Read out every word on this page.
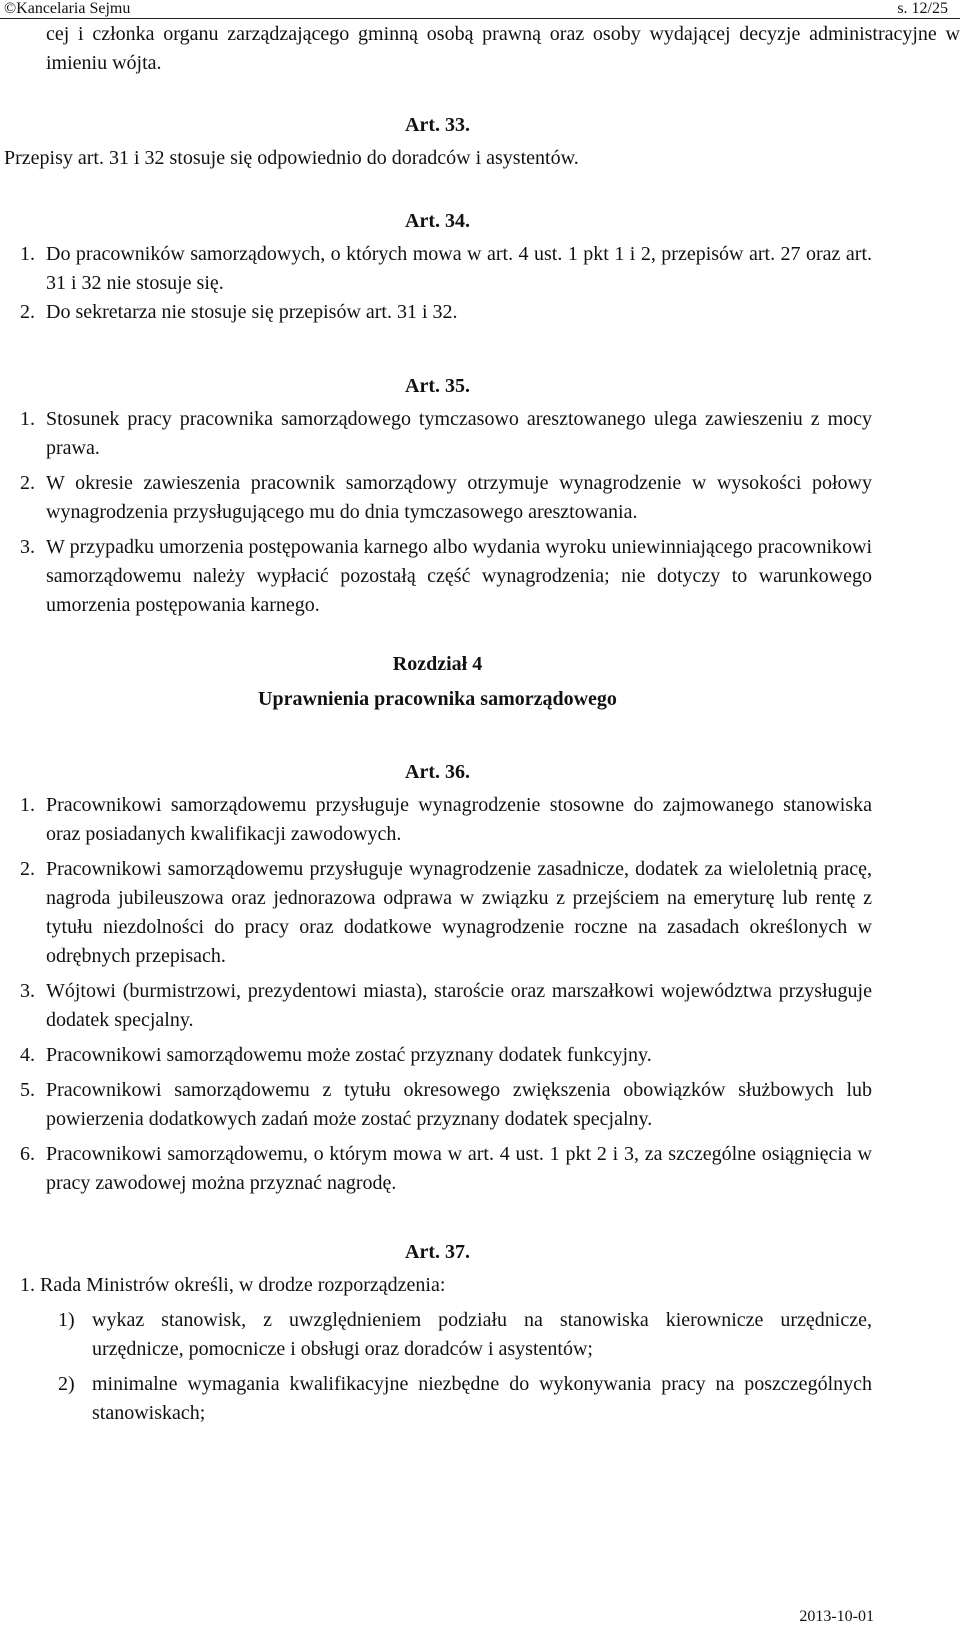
©Kancelaria Sejmu	s. 12/25

cej i członka organu zarządzającego gminną osobą prawną oraz osoby wydającej decyzje administracyjne w imieniu wójta.

Art. 33.

Przepisy art. 31 i 32 stosuje się odpowiednio do doradców i asystentów.

Art. 34.
1. Do pracowników samorządowych, o których mowa w art. 4 ust. 1 pkt 1 i 2, przepisów art. 27 oraz art. 31 i 32 nie stosuje się.
2. Do sekretarza nie stosuje się przepisów art. 31 i 32.
Art. 35.
1. Stosunek pracy pracownika samorządowego tymczasowo aresztowanego ulega zawieszeniu z mocy prawa.
2. W okresie zawieszenia pracownik samorządowy otrzymuje wynagrodzenie w wysokości połowy wynagrodzenia przysługującego mu do dnia tymczasowego aresztowania.
3. W przypadku umorzenia postępowania karnego albo wydania wyroku uniewinniającego pracownikowi samorządowemu należy wypłacić pozostałą część wynagrodzenia; nie dotyczy to warunkowego umorzenia postępowania karnego.
Rozdział 4
Uprawnienia pracownika samorządowego
Art. 36.
1. Pracownikowi samorządowemu przysługuje wynagrodzenie stosowne do zajmowanego stanowiska oraz posiadanych kwalifikacji zawodowych.
2. Pracownikowi samorządowemu przysługuje wynagrodzenie zasadnicze, dodatek za wieloletnią pracę, nagroda jubileuszowa oraz jednorazowa odprawa w związku z przejściem na emeryturę lub rentę z tytułu niezdolności do pracy oraz dodatkowe wynagrodzenie roczne na zasadach określonych w odrębnych przepisach.
3. Wójtowi (burmistrzowi, prezydentowi miasta), staroście oraz marszałkowi województwa przysługuje dodatek specjalny.
4. Pracownikowi samorządowemu może zostać przyznany dodatek funkcyjny.
5. Pracownikowi samorządowemu z tytułu okresowego zwiększenia obowiązków służbowych lub powierzenia dodatkowych zadań może zostać przyznany dodatek specjalny.
6. Pracownikowi samorządowemu, o którym mowa w art. 4 ust. 1 pkt 2 i 3, za szczególne osiągnięcia w pracy zawodowej można przyznać nagrodę.
Art. 37.

1. Rada Ministrów określi, w drodze rozporządzenia:

1) wykaz stanowisk, z uwzględnieniem podziału na stanowiska kierownicze urzędnicze, urzędnicze, pomocnicze i obsługi oraz doradców i asystentów;
2) minimalne wymagania kwalifikacyjne niezbędne do wykonywania pracy na poszczególnych stanowiskach;
2013-10-01
